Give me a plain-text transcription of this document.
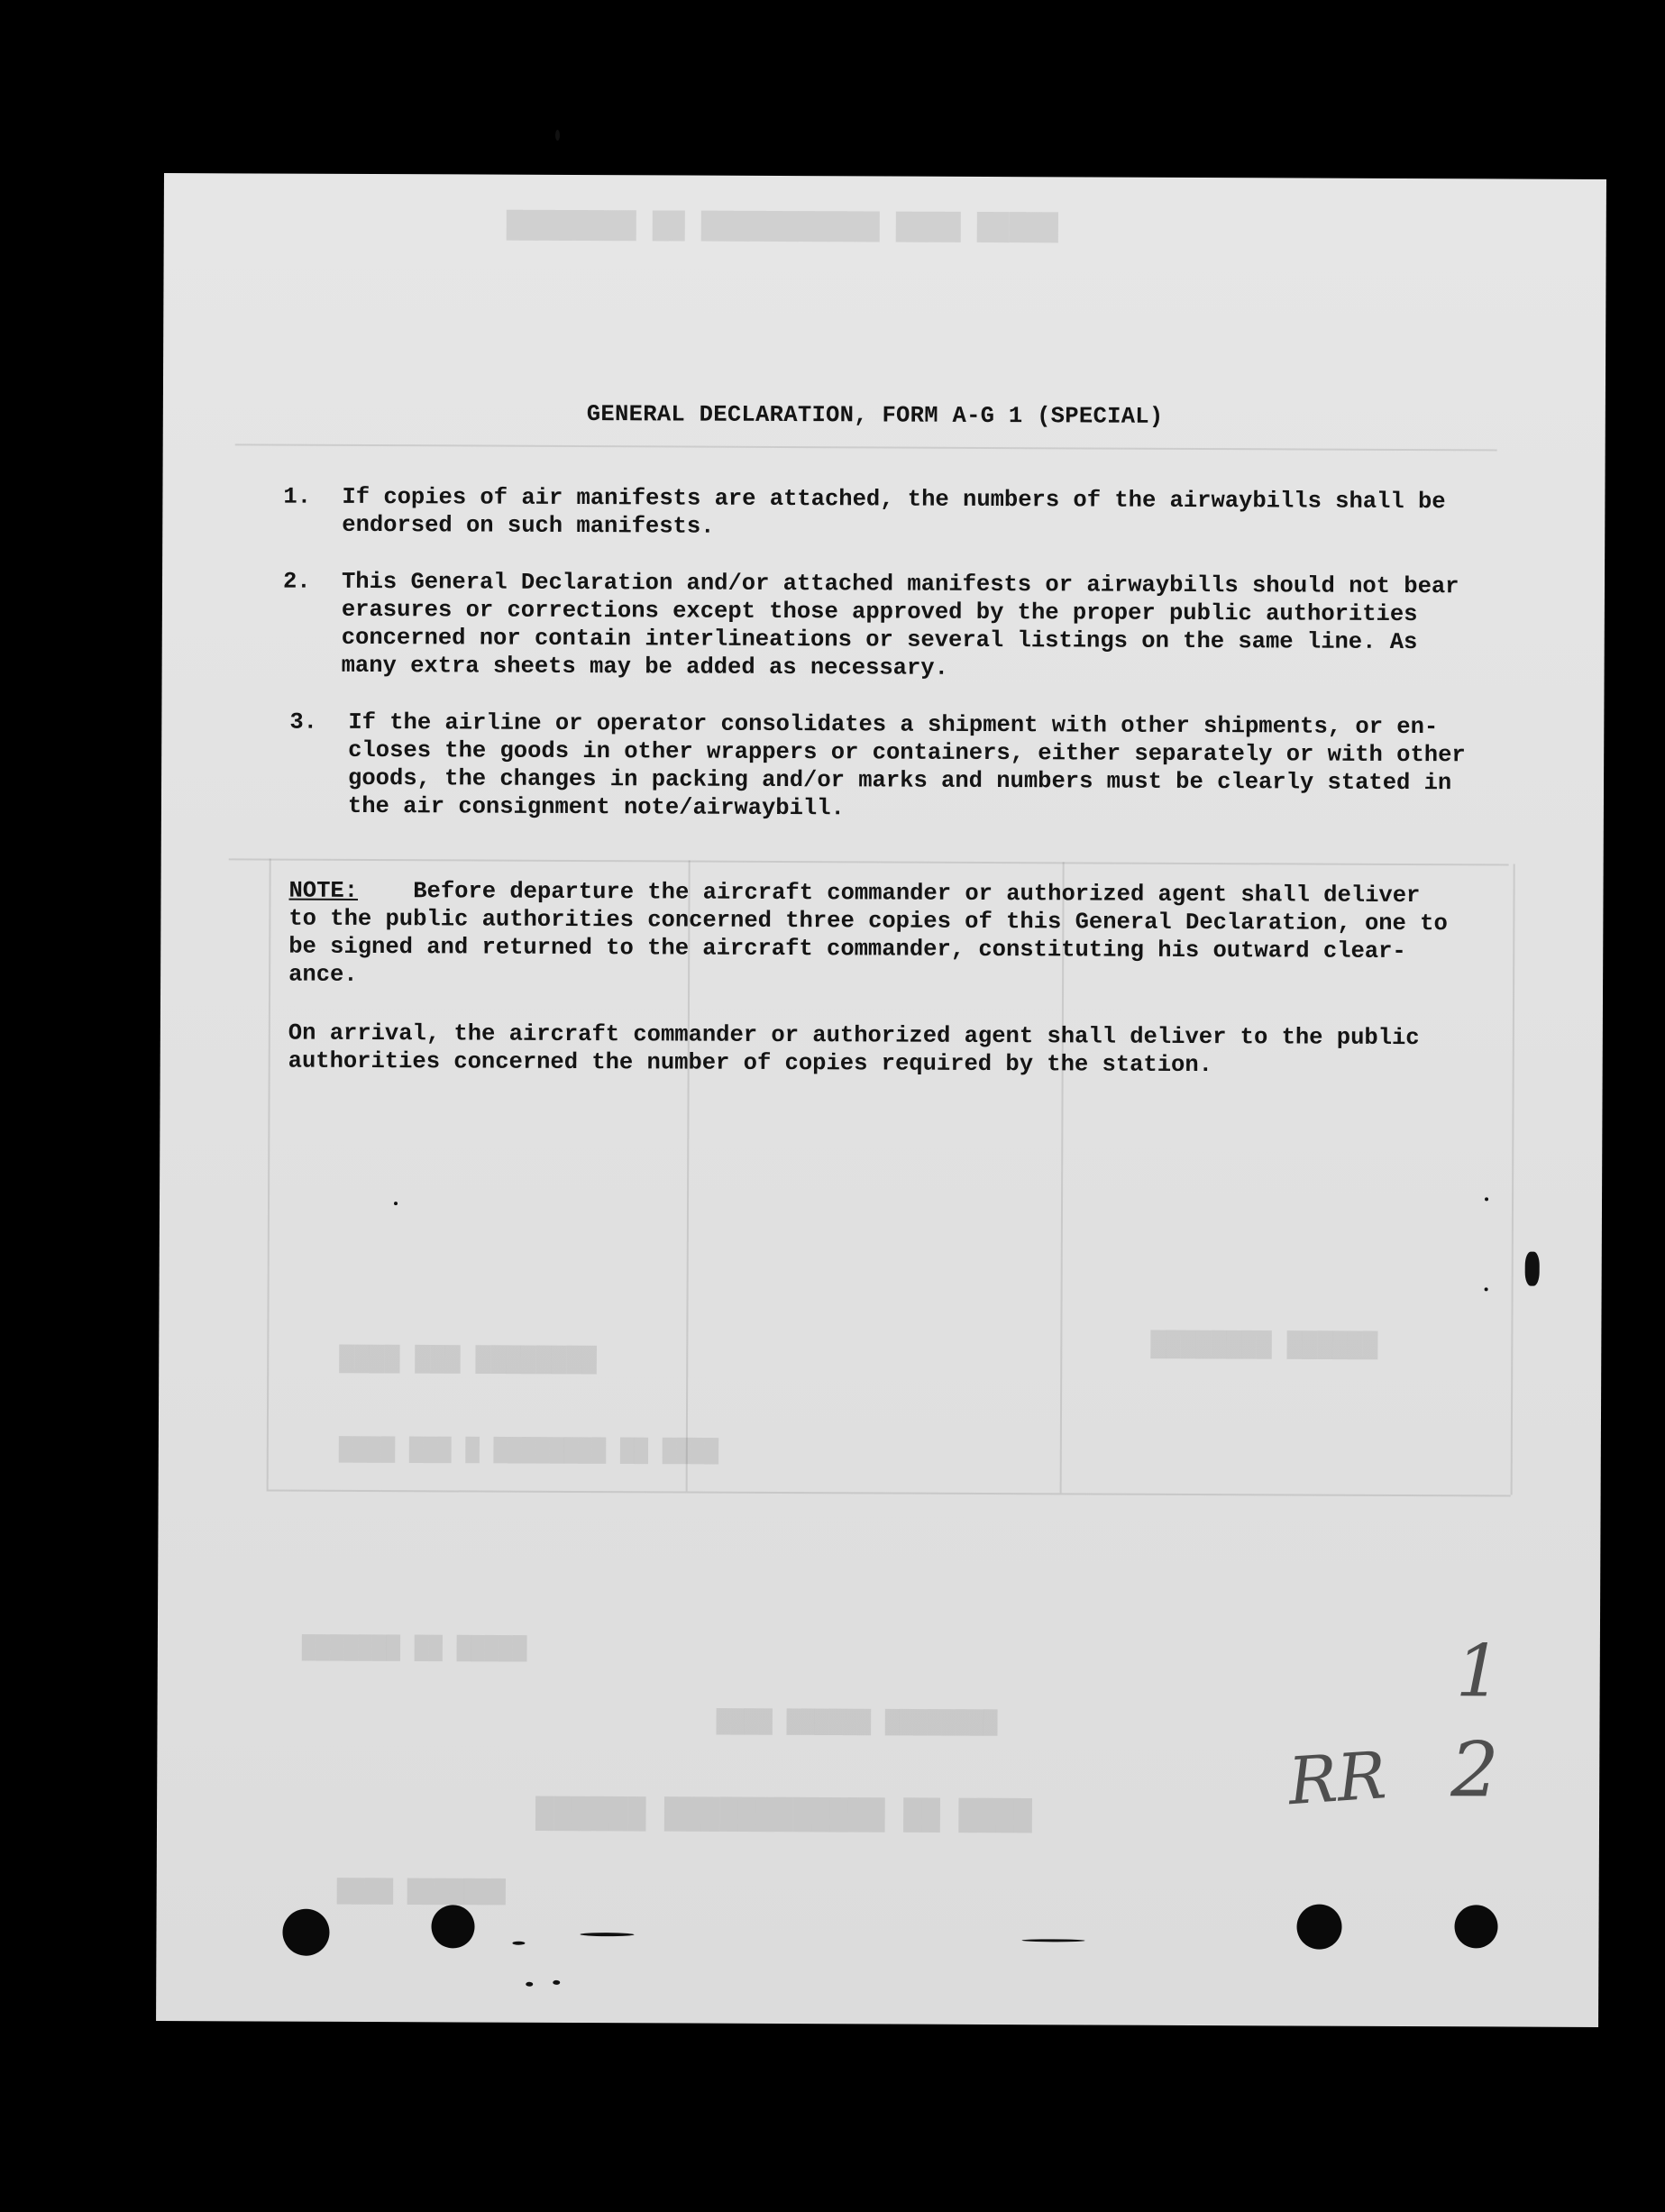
█████ ████ ███████████ ██ ████████
████████ ███ ████
██████ ████████
████ ██ ████████ █ ███ ████
█████ ██ ███████
████████ ██████ ████
████ ██ ████████████ ██████
███████ ████
GENERAL DECLARATION, FORM A-G 1 (SPECIAL)
1. If copies of air manifests are attached, the numbers of the airwaybills shall be
endorsed on such manifests.
2. This General Declaration and/or attached manifests or airwaybills should not bear
erasures or corrections except those approved by the proper public authorities
concerned nor contain interlineations or several listings on the same line. As
many extra sheets may be added as necessary.
3. If the airline or operator consolidates a shipment with other shipments, or en-
closes the goods in other wrappers or containers, either separately or with other
goods, the changes in packing and/or marks and numbers must be clearly stated in
the air consignment note/airwaybill.
NOTE: Before departure the aircraft commander or authorized agent shall deliver
to the public authorities concerned three copies of this General Declaration, one to
be signed and returned to the aircraft commander, constituting his outward clear-
ance.
On arrival, the aircraft commander or authorized agent shall deliver to the public
authorities concerned the number of copies required by the station.
1
RR 2
